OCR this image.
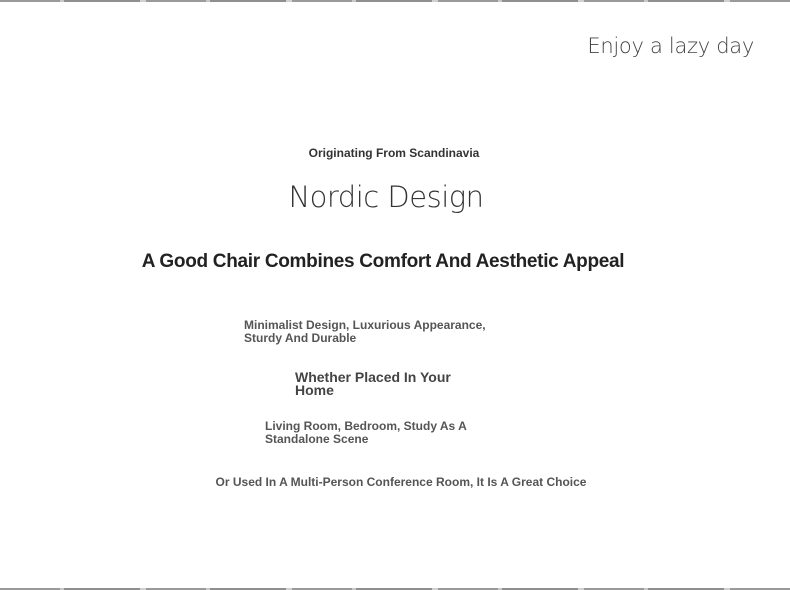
Enjoy a lazy day
Originating From Scandinavia
Nordic Design
A Good Chair Combines Comfort And Aesthetic Appeal
Minimalist Design, Luxurious Appearance, Sturdy And Durable
Whether Placed In Your Home
Living Room, Bedroom, Study As A Standalone Scene
Or Used In A Multi-Person Conference Room, It Is A Great Choice
